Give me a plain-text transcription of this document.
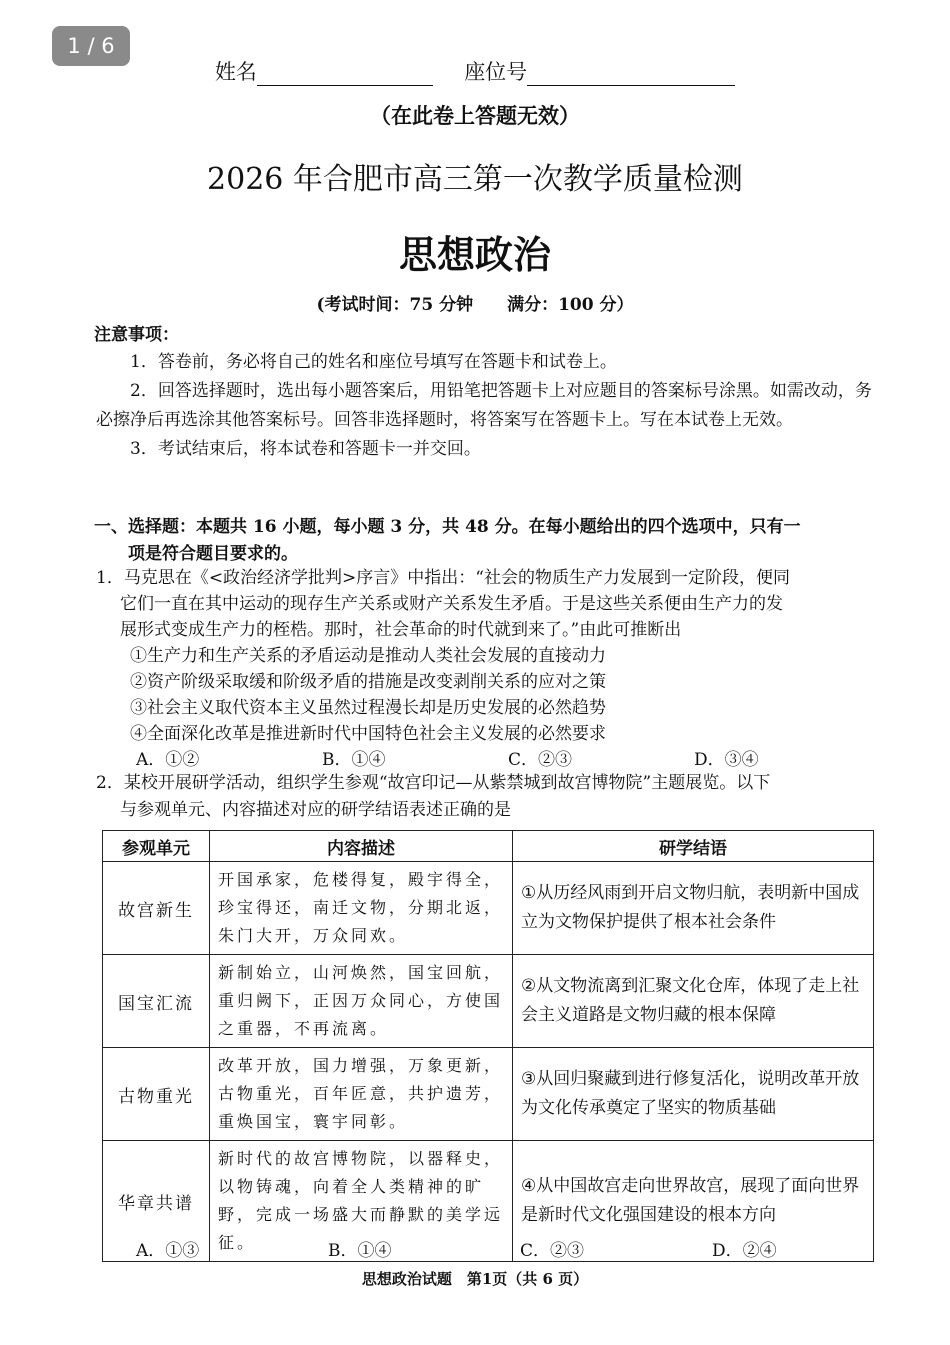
1 / 6
姓名	座位号
（在此卷上答题无效）
2026 年合肥市高三第一次教学质量检测
思想政治
(考试时间：75 分钟　　满分：100 分）
注意事项：

1．答卷前，务必将自己的姓名和座位号填写在答题卡和试卷上。

2．回答选择题时，选出每小题答案后，用铅笔把答题卡上对应题目的答案标号涂黑。如需改动，务必擦净后再选涂其他答案标号。回答非选择题时，将答案写在答题卡上。写在本试卷上无效。

3．考试结束后，将本试卷和答题卡一并交回。

一、选择题：本题共 16 小题，每小题 3 分，共 48 分。在每小题给出的四个选项中，只有一
项是符合题目要求的。

1．马克思在《<政治经济学批判>序言》中指出：“社会的物质生产力发展到一定阶段，便同

它们一直在其中运动的现存生产关系或财产关系发生矛盾。于是这些关系便由生产力的发

展形式变成生产力的桎梏。那时，社会革命的时代就到来了。”由此可推断出

①生产力和生产关系的矛盾运动是推动人类社会发展的直接动力

②资产阶级采取缓和阶级矛盾的措施是改变剥削关系的应对之策

③社会主义取代资本主义虽然过程漫长却是历史发展的必然趋势

④全面深化改革是推进新时代中国特色社会主义发展的必然要求

A．①②	B．①④	C．②③	D．③④

2．某校开展研学活动，组织学生参观“故宫印记—从紫禁城到故宫博物院”主题展览。以下

与参观单元、内容描述对应的研学结语表述正确的是

参观单元	内容描述	研学结语
故宫新生	开国承家，危楼得复，殿宇得全，珍宝得还，南迁文物，分期北返，朱门大开，万众同欢。	①从历经风雨到开启文物归航，表明新中国成立为文物保护提供了根本社会条件
国宝汇流	新制始立，山河焕然，国宝回航，重归阙下，正因万众同心，方使国之重器，不再流离。	②从文物流离到汇聚文化仓库，体现了走上社会主义道路是文物归藏的根本保障
古物重光	改革开放，国力增强，万象更新，古物重光，百年匠意，共护遗芳，重焕国宝，寰宇同彰。	③从回归聚藏到进行修复活化，说明改革开放为文化传承奠定了坚实的物质基础
华章共谱	新时代的故宫博物院，以器释史，以物铸魂，向着全人类精神的旷野，完成一场盛大而静默的美学远征。	④从中国故宫走向世界故宫，展现了面向世界是新时代文化强国建设的根本方向
A．①③	B．①④	C．②③	D．②④
思想政治试题　第1页（共 6 页）
